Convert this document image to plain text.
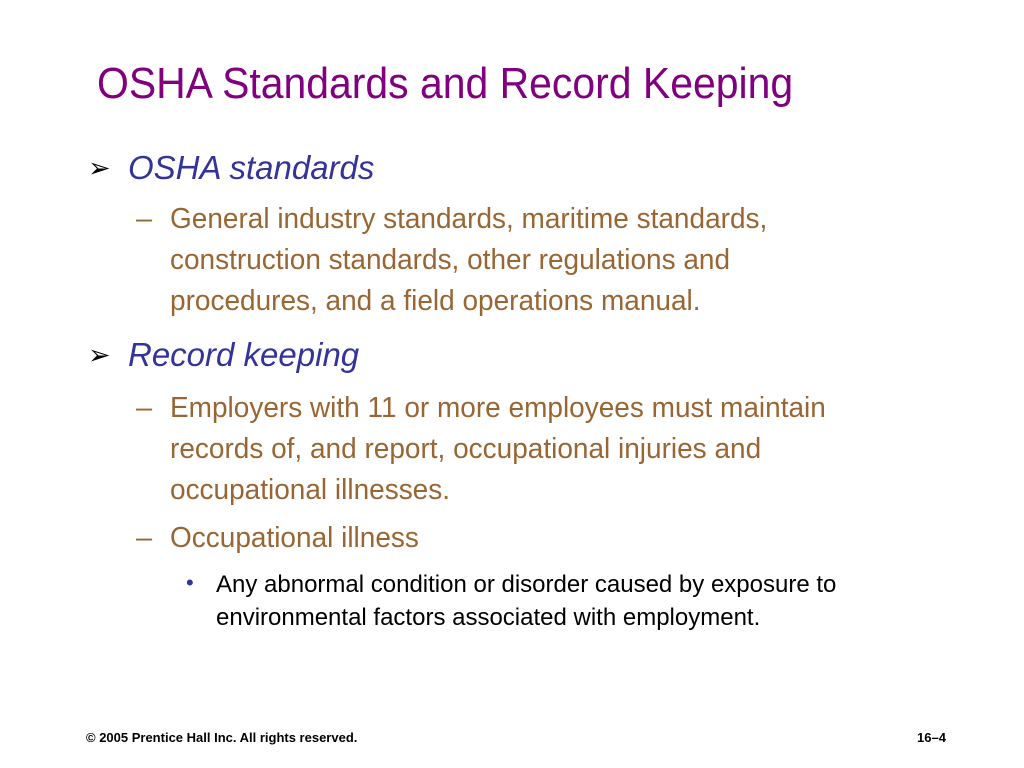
OSHA Standards and Record Keeping
➢ OSHA standards
– General industry standards, maritime standards, construction standards, other regulations and procedures, and a field operations manual.
➢ Record keeping
– Employers with 11 or more employees must maintain records of, and report, occupational injuries and occupational illnesses.
– Occupational illness
• Any abnormal condition or disorder caused by exposure to environmental factors associated with employment.
© 2005 Prentice Hall Inc. All rights reserved.	16–4
